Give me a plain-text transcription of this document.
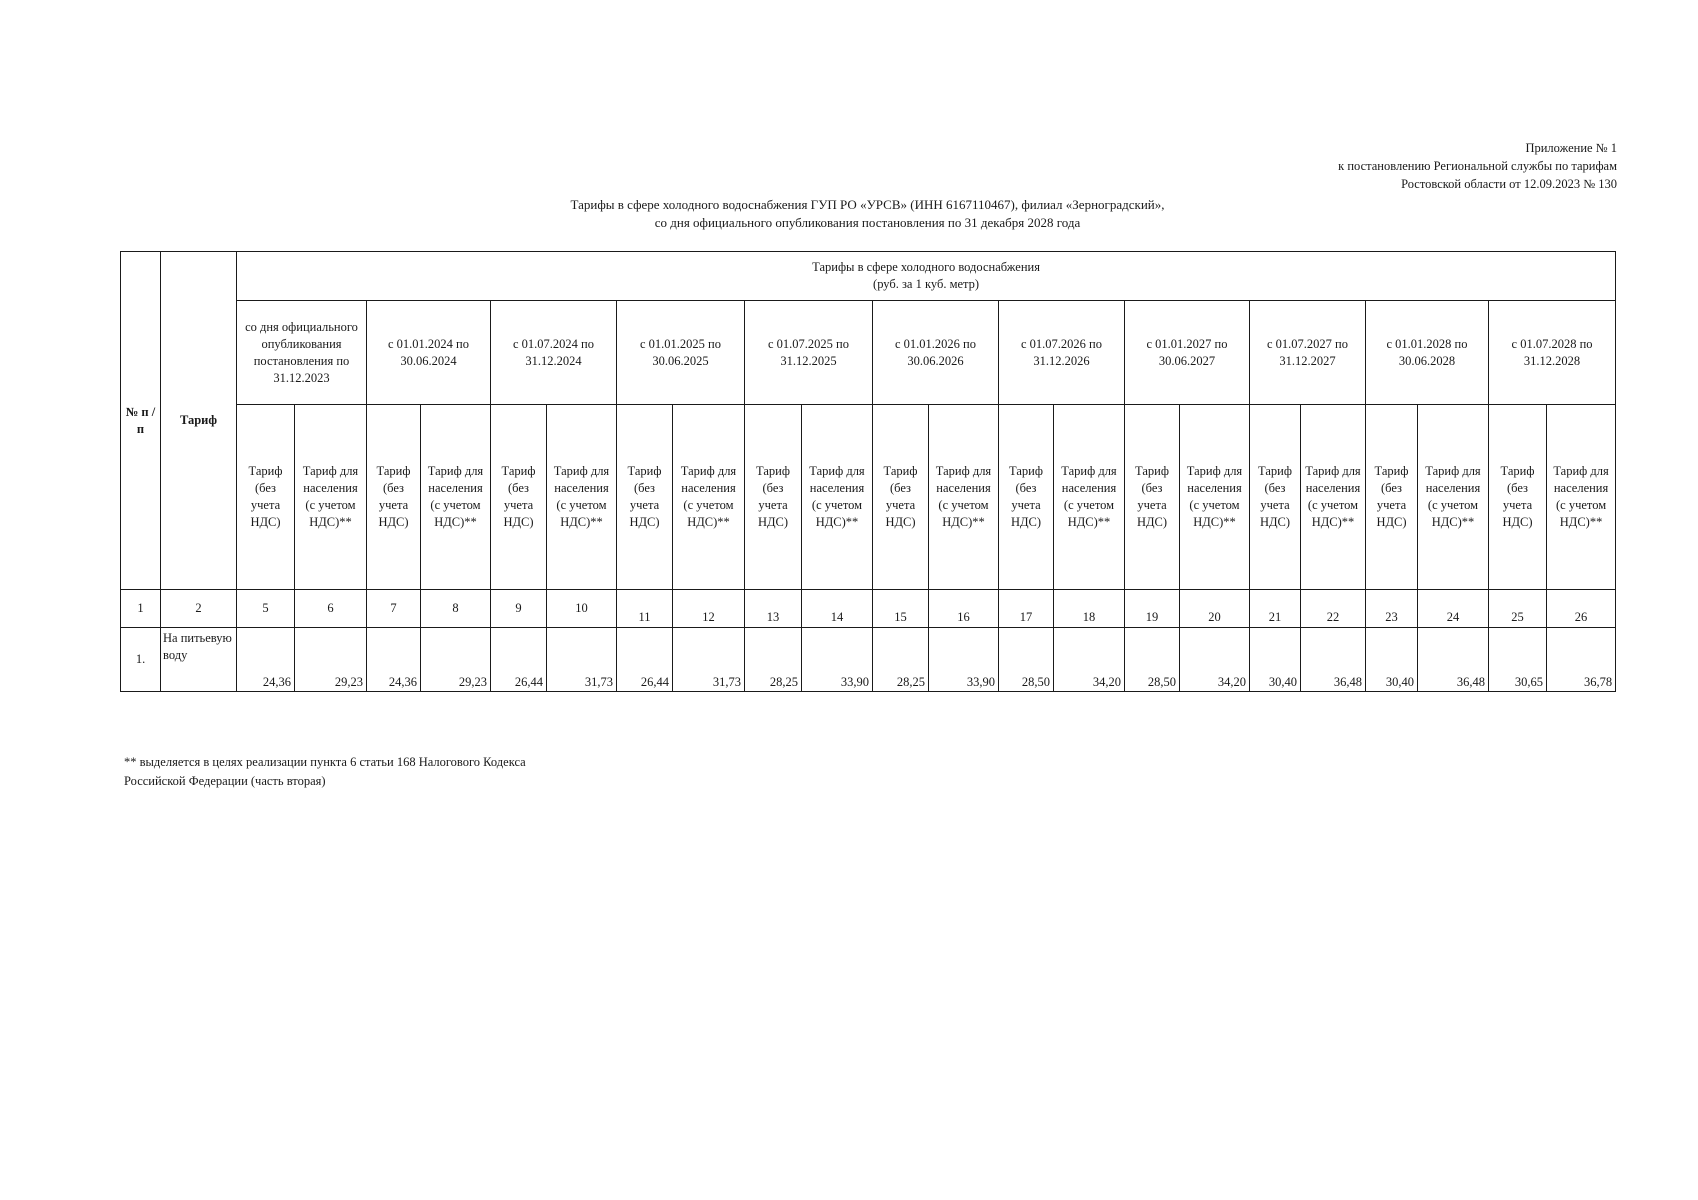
Приложение № 1
к постановлению Региональной службы по тарифам
Ростовской области от 12.09.2023 № 130
Тарифы в сфере холодного водоснабжения ГУП РО «УРСВ» (ИНН 6167110467), филиал «Зерноградский»,
со дня официального опубликования постановления по 31 декабря 2028 года
№ п /п	Тариф	Тарифы в сфере холодного водоснабжения
(руб. за 1 куб. метр)																					

		со дня официального опубликования постановления по 31.12.2023		с 01.01.2024 по 30.06.2024		с 01.07.2024 по 31.12.2024		с 01.01.2025 по 30.06.2025		с 01.07.2025 по 31.12.2025		с 01.01.2026 по 30.06.2026		с 01.07.2026 по 31.12.2026		с 01.01.2027 по 30.06.2027		с 01.07.2027 по 31.12.2027		с 01.01.2028 по 30.06.2028		с 01.07.2028 по 31.12.2028	
		Тариф (без учета НДС)	Тариф для населения (с учетом НДС)**	Тариф (без учета НДС)	Тариф для населения (с учетом НДС)**	Тариф (без учета НДС)	Тариф для населения (с учетом НДС)**	Тариф (без учета НДС)	Тариф для населения (с учетом НДС)**	Тариф (без учета НДС)	Тариф для населения (с учетом НДС)**	Тариф (без учета НДС)	Тариф для населения (с учетом НДС)**	Тариф (без учета НДС)	Тариф для населения (с учетом НДС)**	Тариф (без учета НДС)	Тариф для населения (с учетом НДС)**	Тариф (без учета НДС)	Тариф для населения (с учетом НДС)**	Тариф (без учета НДС)	Тариф для населения (с учетом НДС)**	Тариф (без учета НДС)	Тариф для населения (с учетом НДС)**
1	2	5	6	7	8	9	10	11	12	13	14	15	16	17	18	19	20	21	22	23	24	25	26
1.	На питьевую воду	24,36	29,23	24,36	29,23	26,44	31,73	26,44	31,73	28,25	33,90	28,25	33,90	28,50	34,20	28,50	34,20	30,40	36,48	30,40	36,48	30,65	36,78
** выделяется в целях реализации пункта 6 статьи 168 Налогового Кодекса
Российской Федерации (часть вторая)
